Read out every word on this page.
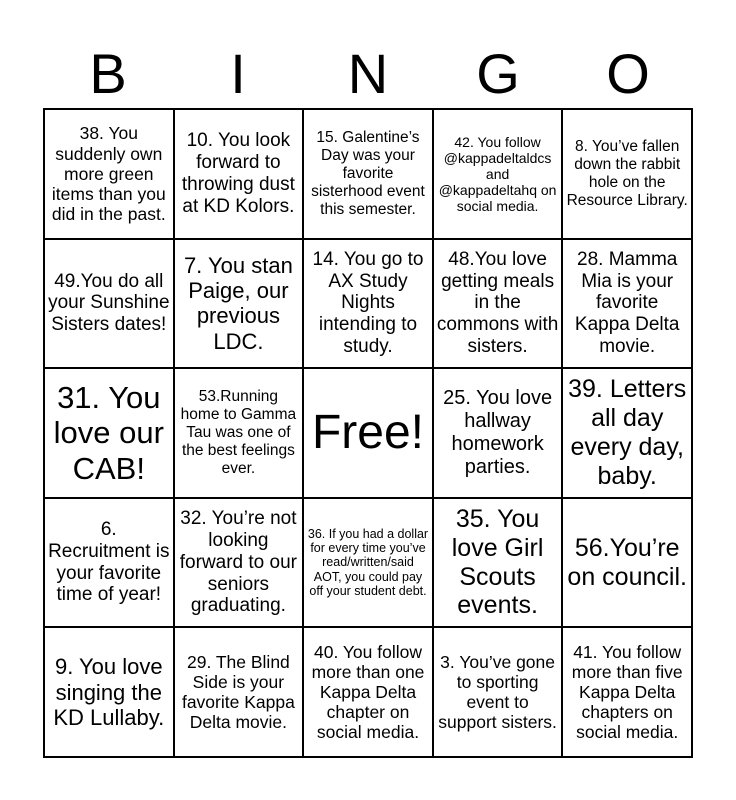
B	I	N	G	O
38. You suddenly own more green items than you did in the past.
10. You look forward to throwing dust at KD Kolors.
15. Galentine’s Day was your favorite sisterhood event this semester.
42. You follow @kappadeltaldcs and @kappadeltahq on social media.
8. You’ve fallen down the rabbit hole on the Resource Library.
49.You do all your Sunshine Sisters dates!
7. You stan Paige, our previous LDC.
14. You go to AX Study Nights intending to study.
48.You love getting meals in the commons with sisters.
28. Mamma Mia is your favorite Kappa Delta movie.
31. You love our CAB!
53.Running home to Gamma Tau was one of the best feelings ever.
Free!
25. You love hallway homework parties.
39. Letters all day every day, baby.
6. Recruitment is your favorite time of year!
32. You’re not looking forward to our seniors graduating.
36. If you had a dollar for every time you’ve read/written/said AOT, you could pay off your student debt.
35. You love Girl Scouts events.
56.You’re on council.
9. You love singing the KD Lullaby.
29. The Blind Side is your favorite Kappa Delta movie.
40. You follow more than one Kappa Delta chapter on social media.
3. You’ve gone to sporting event to support sisters.
41. You follow more than five Kappa Delta chapters on social media.
